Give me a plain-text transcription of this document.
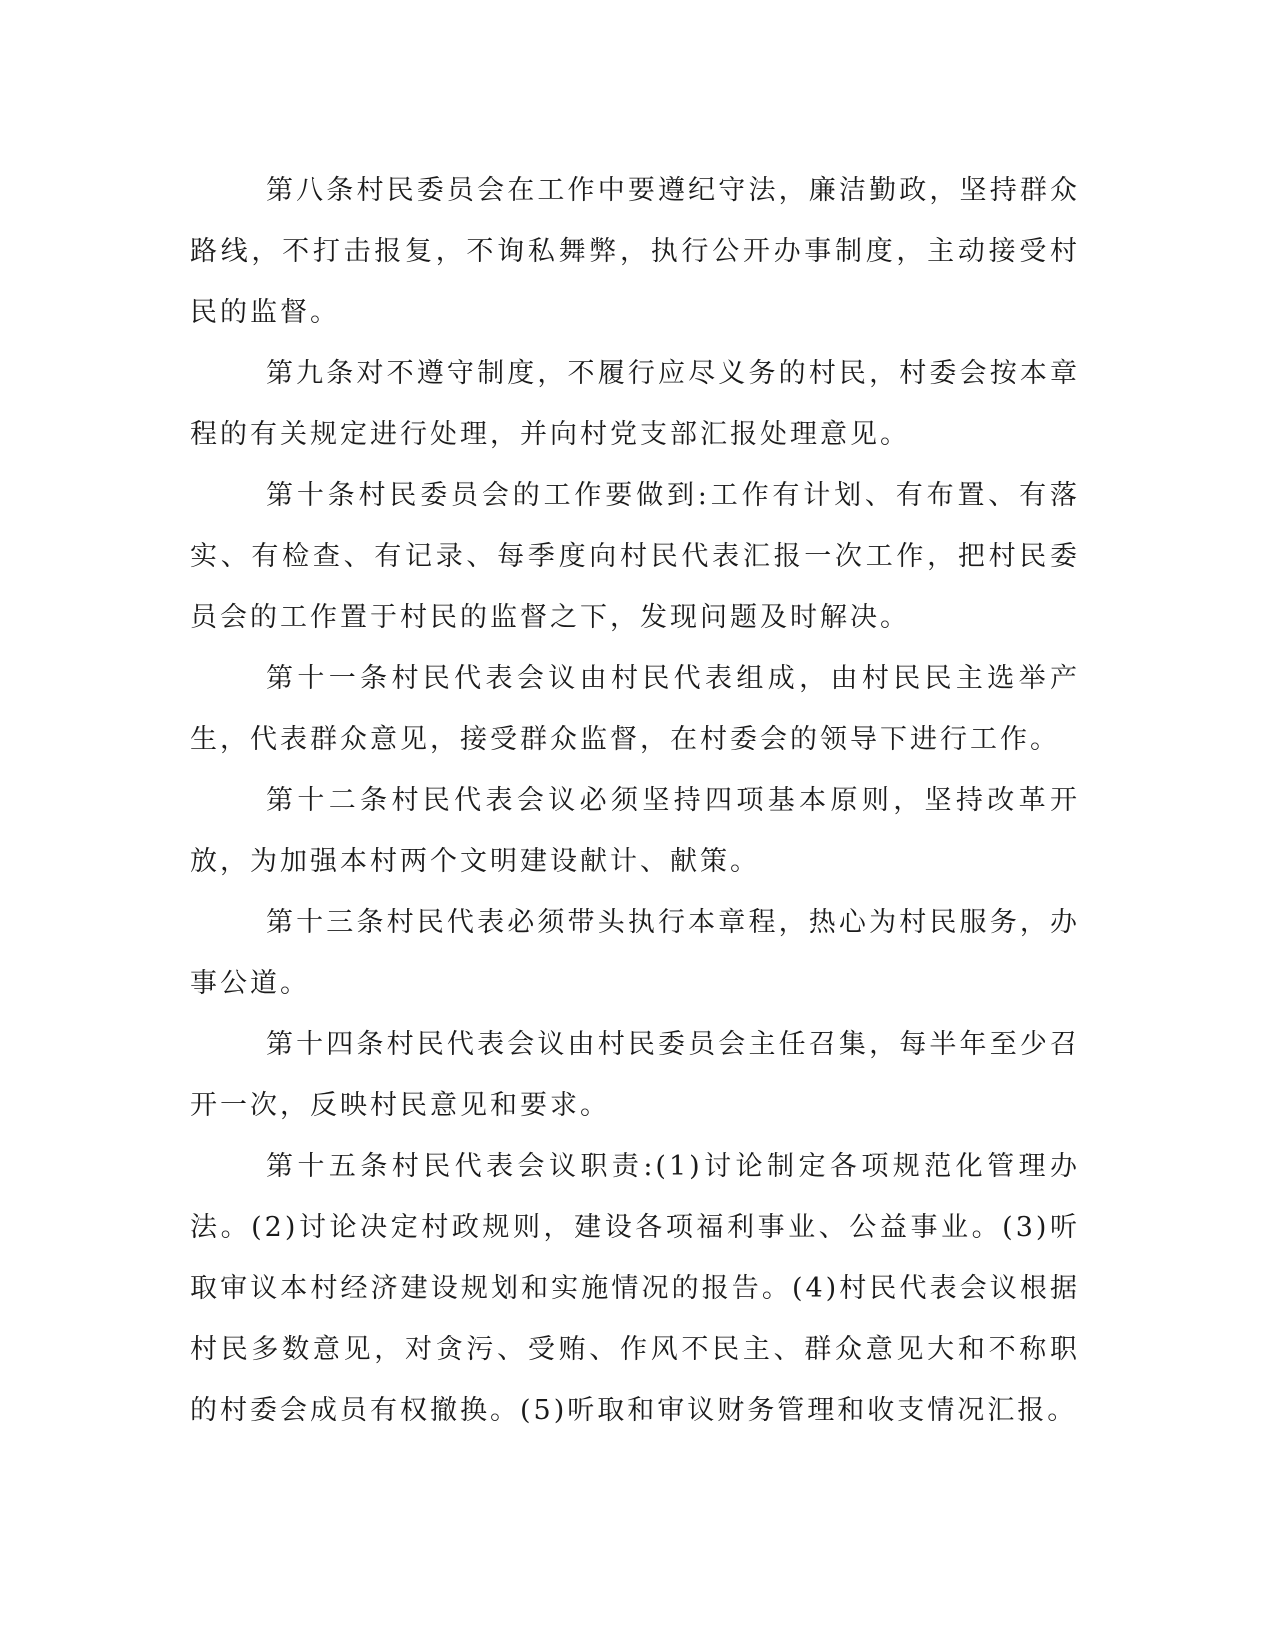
第八条村民委员会在工作中要遵纪守法，廉洁勤政，坚持群众路线，不打击报复，不询私舞弊，执行公开办事制度，主动接受村民的监督。

第九条对不遵守制度，不履行应尽义务的村民，村委会按本章程的有关规定进行处理，并向村党支部汇报处理意见。

第十条村民委员会的工作要做到:工作有计划、有布置、有落实、有检查、有记录、每季度向村民代表汇报一次工作，把村民委员会的工作置于村民的监督之下，发现问题及时解决。

第十一条村民代表会议由村民代表组成，由村民民主选举产生，代表群众意见，接受群众监督，在村委会的领导下进行工作。

第十二条村民代表会议必须坚持四项基本原则，坚持改革开放，为加强本村两个文明建设献计、献策。

第十三条村民代表必须带头执行本章程，热心为村民服务，办事公道。

第十四条村民代表会议由村民委员会主任召集，每半年至少召开一次，反映村民意见和要求。

第十五条村民代表会议职责:(1)讨论制定各项规范化管理办法。(2)讨论决定村政规则，建设各项福利事业、公益事业。(3)听取审议本村经济建设规划和实施情况的报告。(4)村民代表会议根据村民多数意见，对贪污、受贿、作风不民主、群众意见大和不称职的村委会成员有权撤换。(5)听取和审议财务管理和收支情况汇报。
